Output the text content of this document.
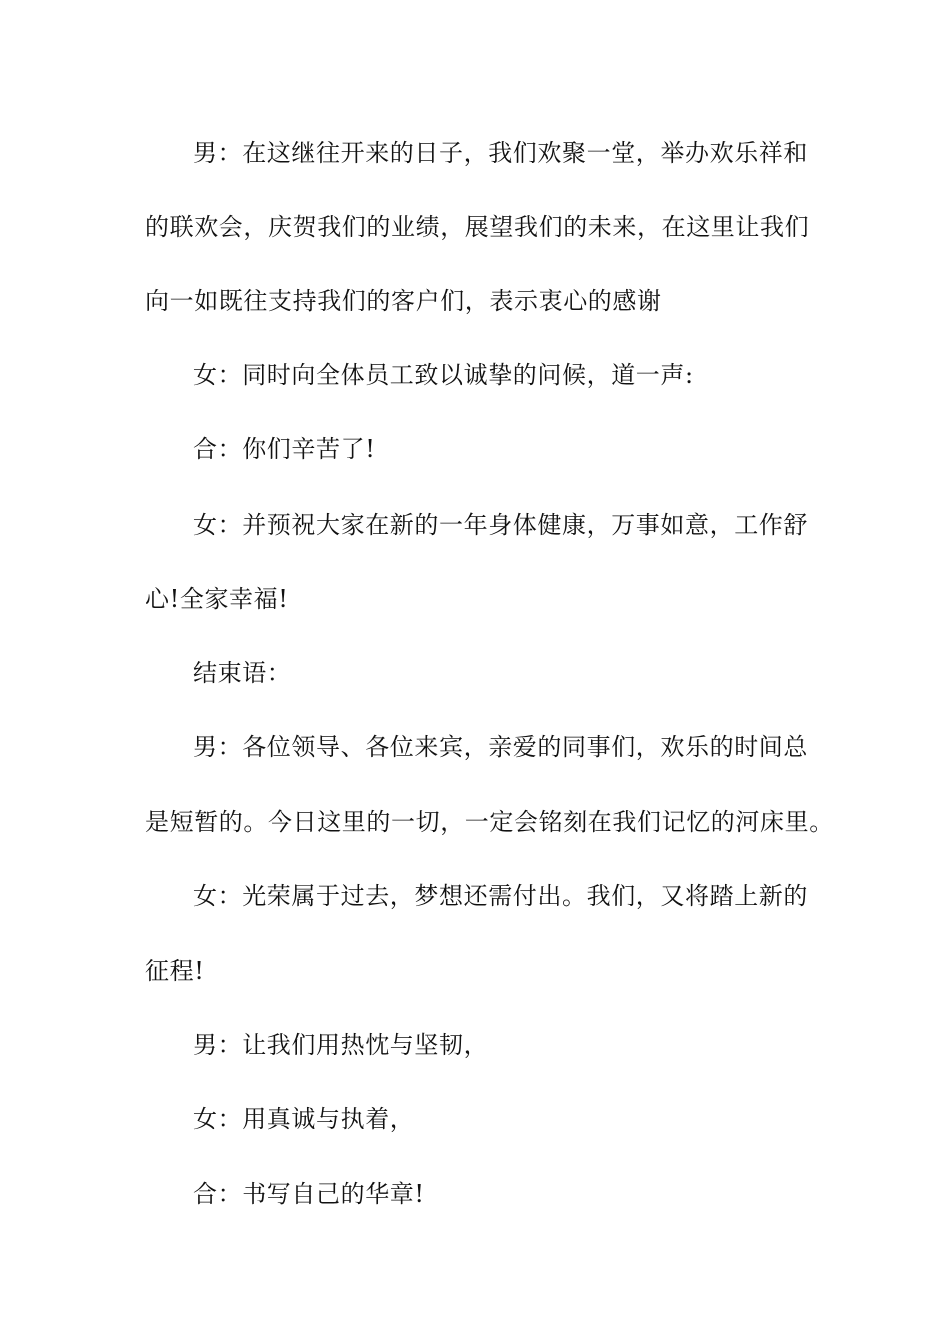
男：在这继往开来的日子，我们欢聚一堂，举办欢乐祥和
的联欢会，庆贺我们的业绩，展望我们的未来，在这里让我们
向一如既往支持我们的客户们，表示衷心的感谢
女：同时向全体员工致以诚挚的问候，道一声:
合：你们辛苦了!
女：并预祝大家在新的一年身体健康，万事如意，工作舒
心!全家幸福!
结束语：
男：各位领导、各位来宾，亲爱的同事们，欢乐的时间总
是短暂的。今日这里的一切，一定会铭刻在我们记忆的河床里。
女：光荣属于过去，梦想还需付出。我们，又将踏上新的
征程!
男：让我们用热忱与坚韧，
女：用真诚与执着，
合：书写自己的华章!
